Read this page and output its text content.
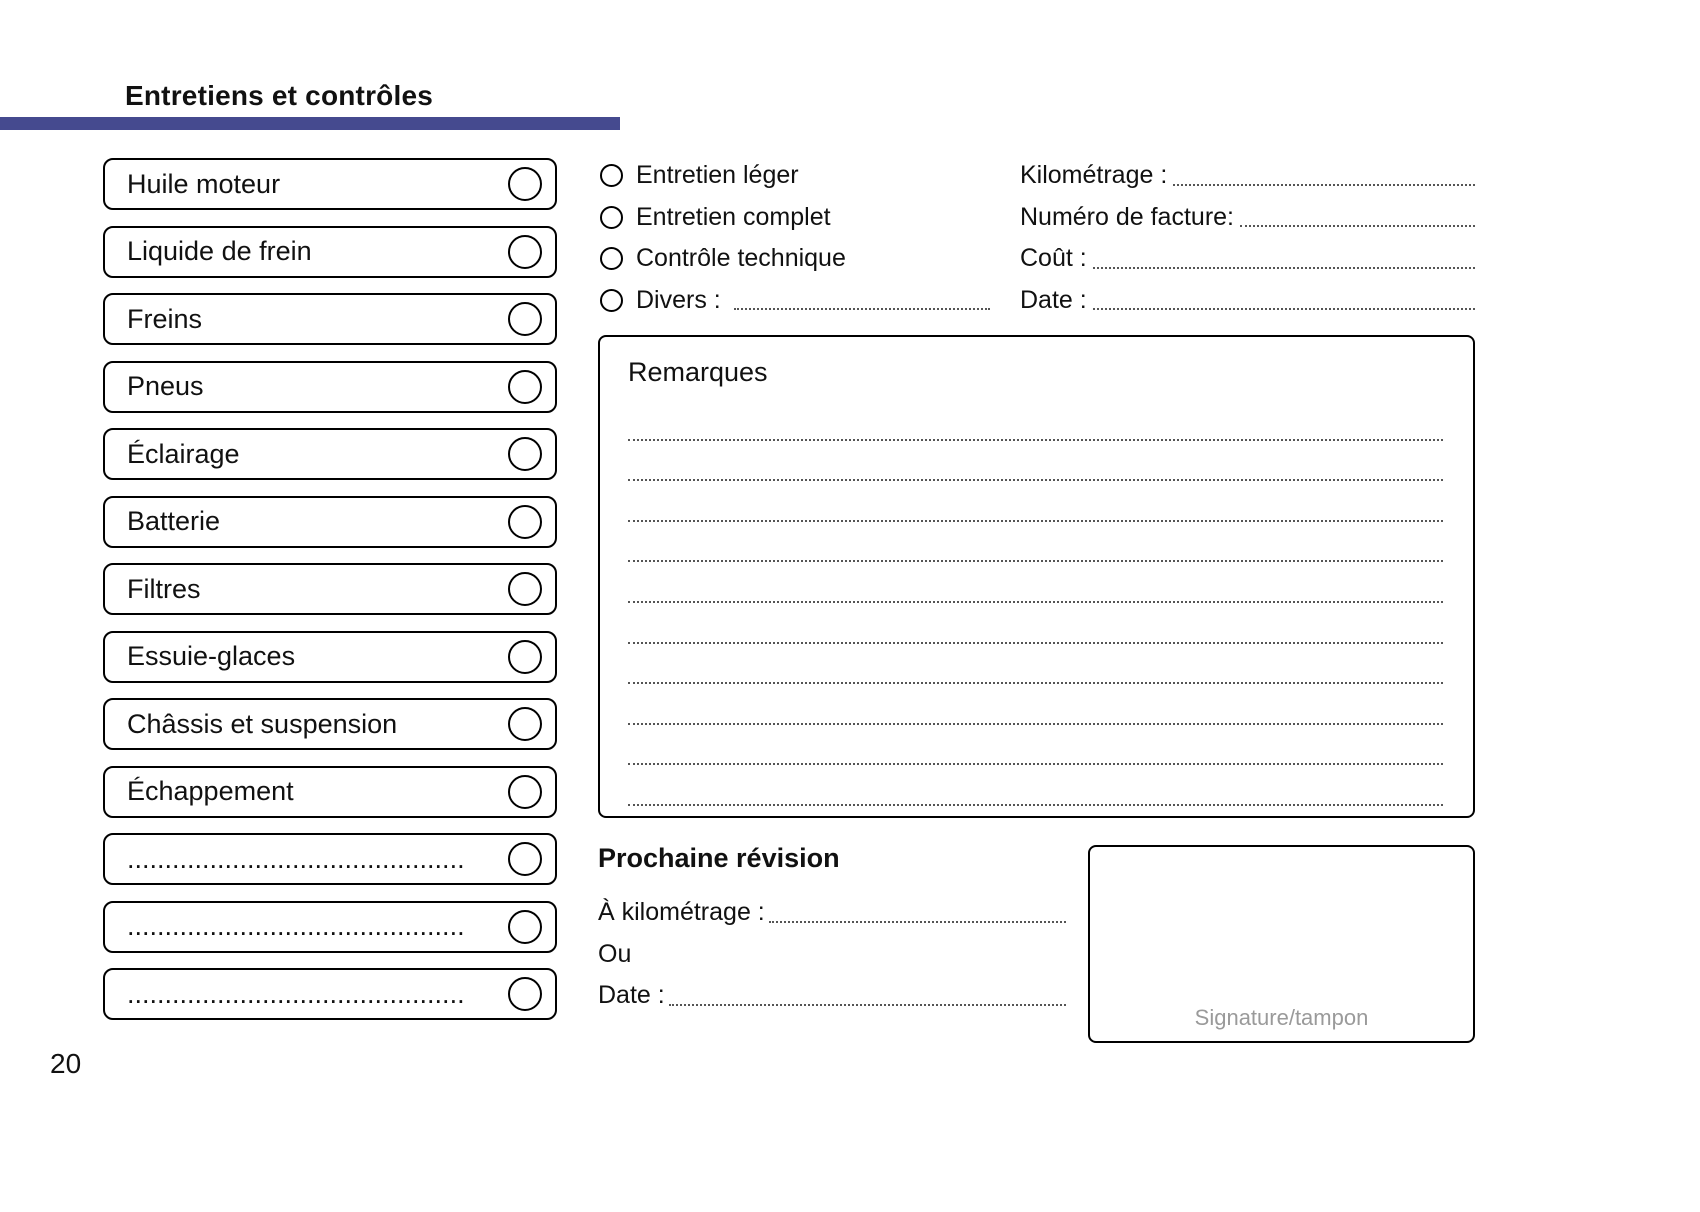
Entretiens et contrôles
Huile moteur
Liquide de frein
Freins
Pneus
Éclairage
Batterie
Filtres
Essuie-glaces
Châssis et suspension
Échappement
.............................................
.............................................
.............................................
Entretien léger
Entretien complet
Contrôle technique
Divers :
Kilométrage :
Numéro de facture:
Coût :
Date :
Remarques
Prochaine révision
À kilométrage :
Ou
Date :
Signature/tampon
20
